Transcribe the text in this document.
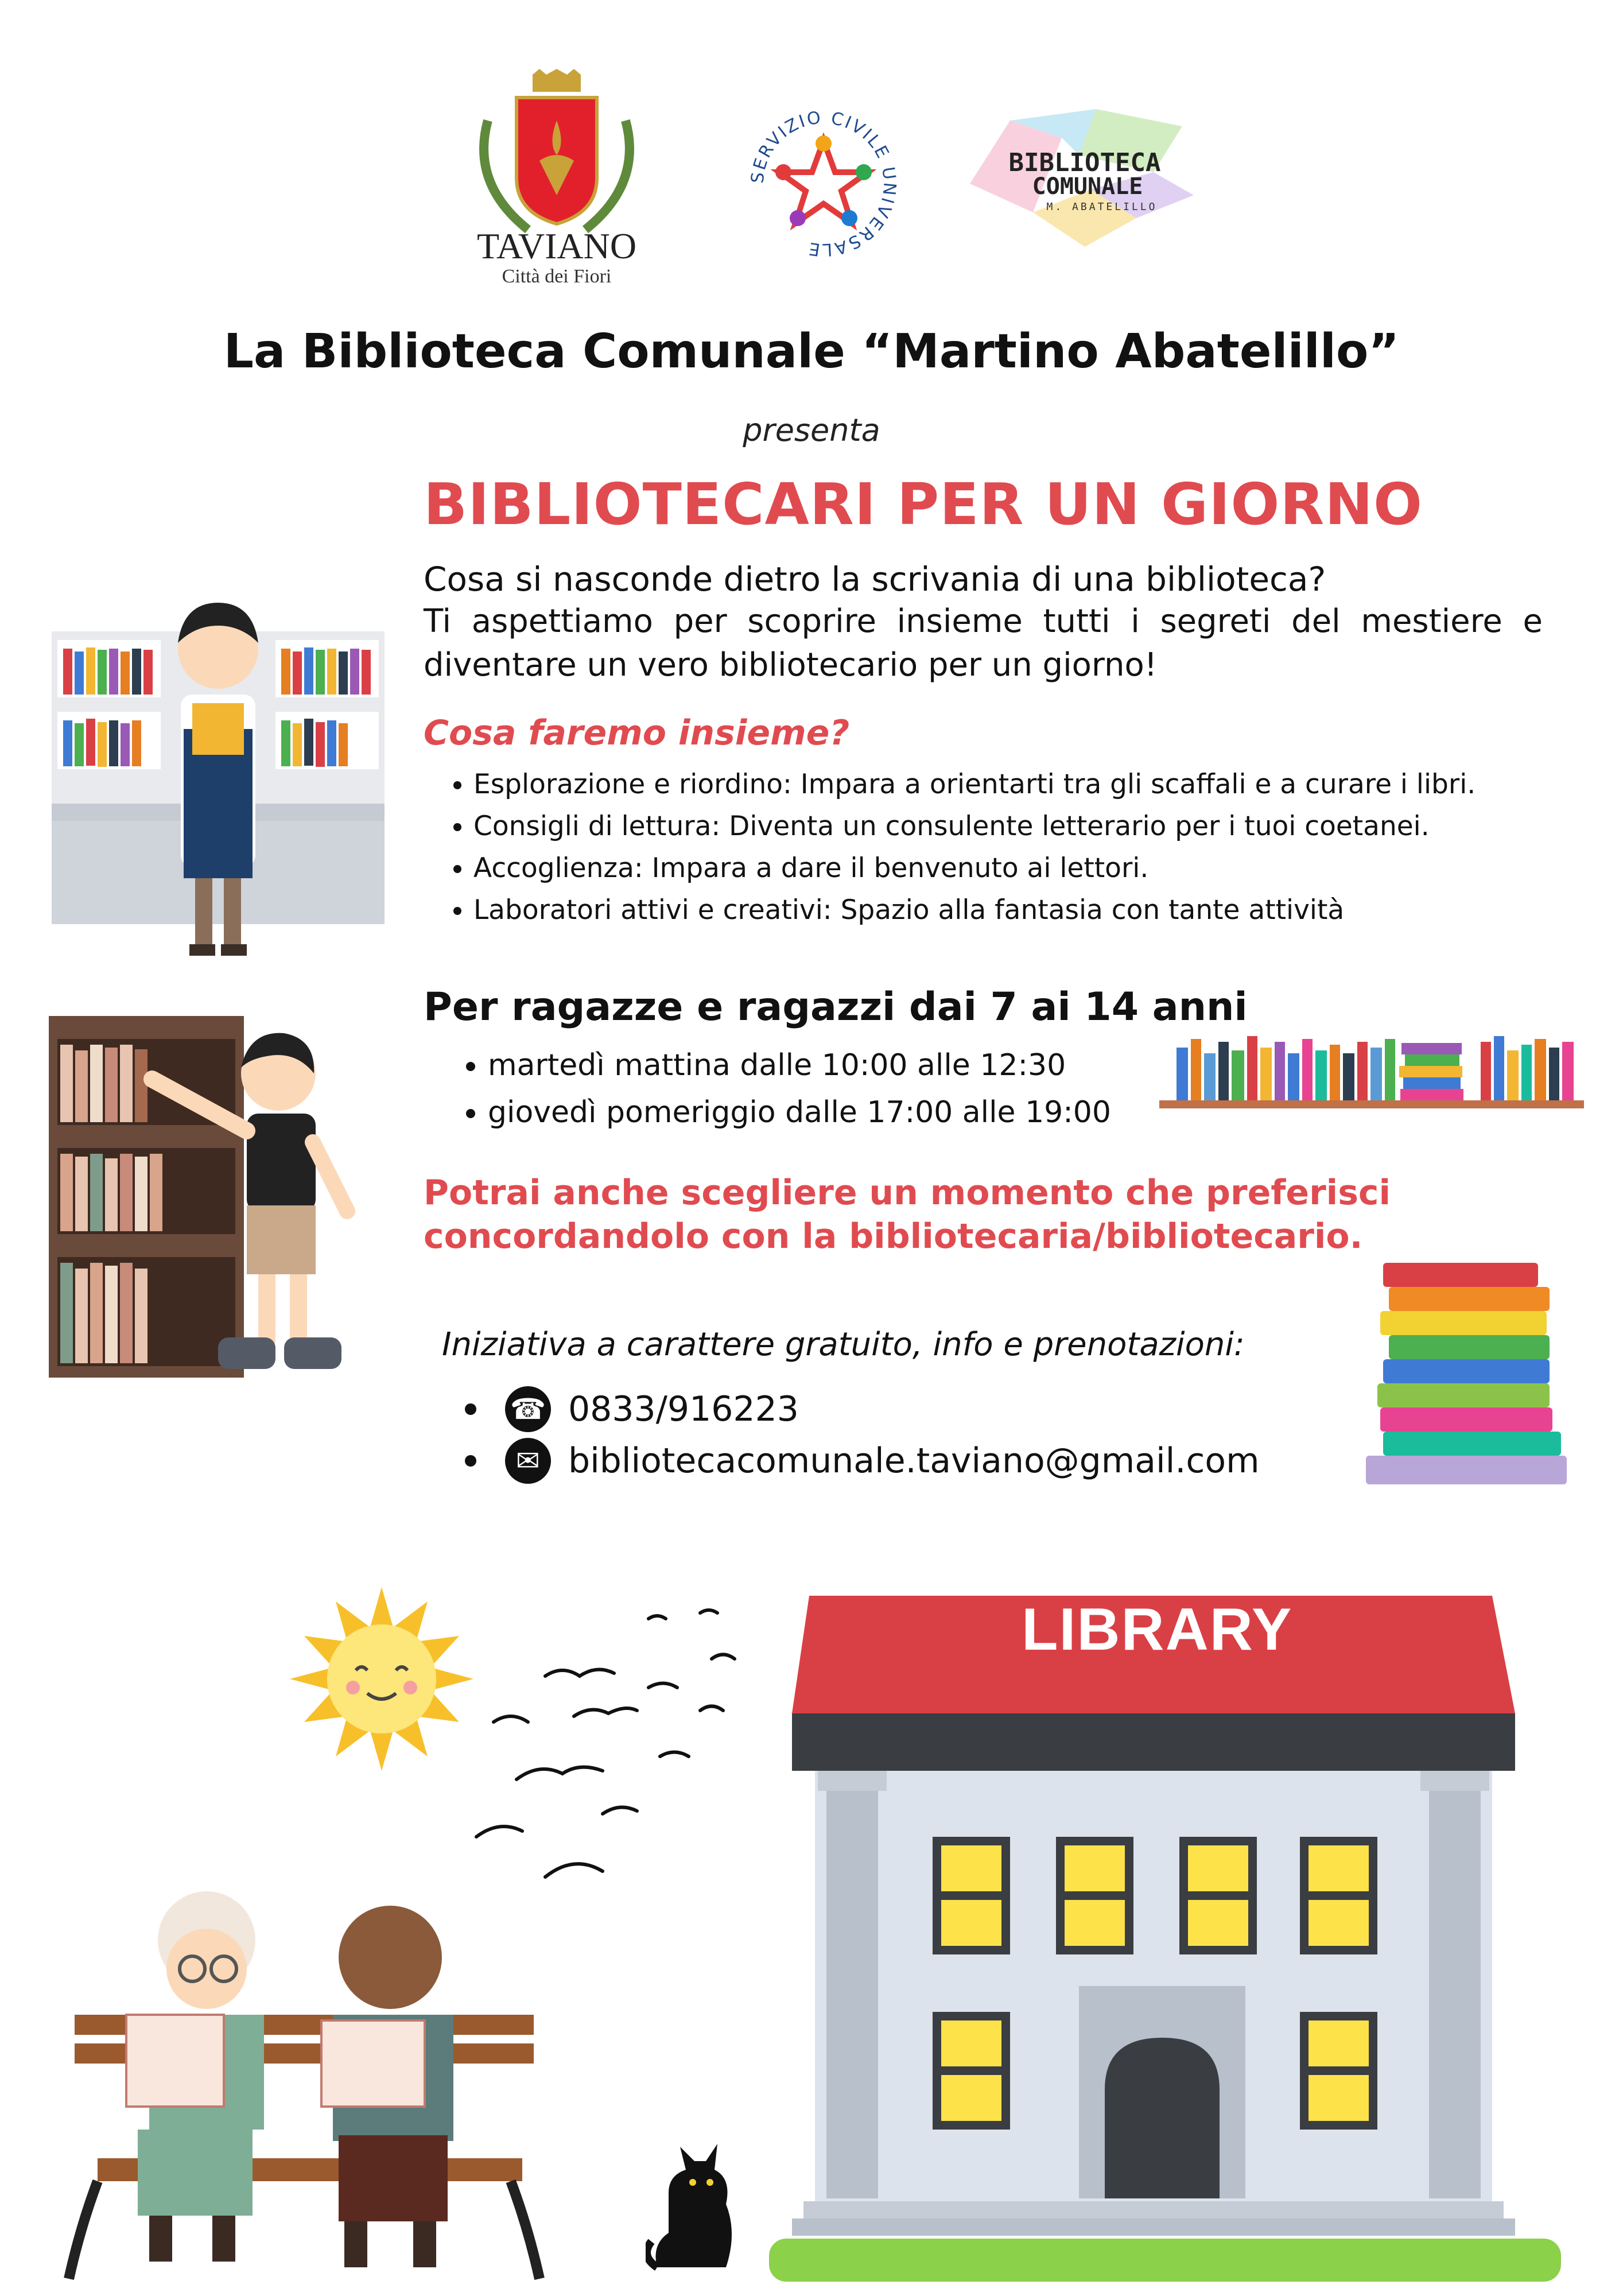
TAVIANO
Città dei Fiori
SERVIZIO CIVILE UNIVERSALE
BIBLIOTECA
COMUNALE
M. ABATELILLO
La Biblioteca Comunale “Martino Abatelillo”
presenta
BIBLIOTECARI PER UN GIORNO
Cosa si nasconde dietro la scrivania di una biblioteca?
Ti aspettiamo per scoprire insieme tutti i segreti del mestiere e diventare un vero bibliotecario per un giorno!
Cosa faremo insieme?
• Esplorazione e riordino: Impara a orientarti tra gli scaffali e a curare i libri.
• Consigli di lettura: Diventa un consulente letterario per i tuoi coetanei.
• Accoglienza: Impara a dare il benvenuto ai lettori.
• Laboratori attivi e creativi: Spazio alla fantasia con tante attività
Per ragazze e ragazzi dai 7 ai 14 anni
• martedì mattina dalle 10:00 alle 12:30
• giovedì pomeriggio dalle 17:00 alle 19:00
Potrai anche scegliere un momento che preferisci concordandolo con la bibliotecaria/bibliotecario.
Iniziativa a carattere gratuito, info e prenotazioni:
☎ 0833/916223
✉ bibliotecacomunale.taviano@gmail.com
LIBRARY
